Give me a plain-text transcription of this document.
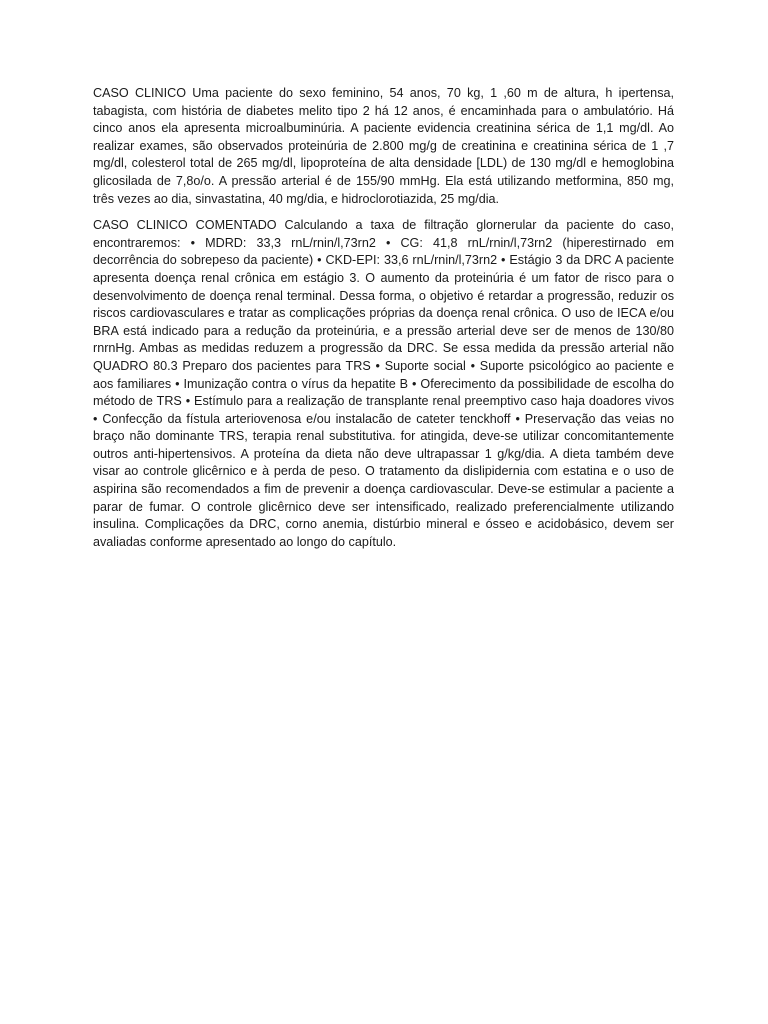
CASO CLINICO Uma paciente do sexo feminino, 54 anos, 70 kg, 1 ,60 m de altura, h ipertensa, tabagista, com história de diabetes melito tipo 2 há 12 anos, é encaminhada para o ambulatório. Há cinco anos ela apresenta microalbuminúria. A paciente evidencia creatinina sérica de 1,1 mg/dl. Ao realizar exames, são observados proteinúria de 2.800 mg/g de creatinina e creatinina sérica de 1 ,7 mg/dl, colesterol total de 265 mg/dl, lipoproteína de alta densidade [LDL) de 130 mg/dl e hemoglobina glicosilada de 7,8o/o. A pressão arterial é de 155/90 mmHg. Ela está utilizando metformina, 850 mg, três vezes ao dia, sinvastatina, 40 mg/dia, e hidroclorotiazida, 25 mg/dia.

CASO CLINICO COMENTADO Calculando a taxa de filtração glornerular da paciente do caso, encontraremos: • MDRD: 33,3 rnL/rnin/l,73rn2 • CG: 41,8 rnL/rnin/l,73rn2 (hiperestirnado em decorrência do sobrepeso da paciente) • CKD-EPI: 33,6 rnL/rnin/l,73rn2 • Estágio 3 da DRC A paciente apresenta doença renal crônica em estágio 3. O aumento da proteinúria é um fator de risco para o desenvolvimento de doença renal terminal. Dessa forma, o objetivo é retardar a progressão, reduzir os riscos cardiovasculares e tratar as complicações próprias da doença renal crônica. O uso de IECA e/ou BRA está indicado para a redução da proteinúria, e a pressão arterial deve ser de menos de 130/80 rnrnHg. Ambas as medidas reduzem a progressão da DRC. Se essa medida da pressão arterial não QUADRO 80.3 Preparo dos pacientes para TRS • Suporte social • Suporte psicológico ao paciente e aos familiares • Imunização contra o vírus da hepatite B • Oferecimento da possibilidade de escolha do método de TRS • Estímulo para a realização de transplante renal preemptivo caso haja doadores vivos • Confecção da fístula arteriovenosa e/ou instalacão de cateter tenckhoff • Preservação das veias no braço não dominante TRS, terapia renal substitutiva. for atingida, deve-se utilizar concomitantemente outros anti-hipertensivos. A proteína da dieta não deve ultrapassar 1 g/kg/dia. A dieta também deve visar ao controle glicêrnico e à perda de peso. O tratamento da dislipidernia com estatina e o uso de aspirina são recomendados a fim de prevenir a doença cardiovascular. Deve-se estimular a paciente a parar de fumar. O controle glicêrnico deve ser intensificado, realizado preferencialmente utilizando insulina. Complicações da DRC, corno anemia, distúrbio mineral e ósseo e acidobásico, devem ser avaliadas conforme apresentado ao longo do capítulo.
